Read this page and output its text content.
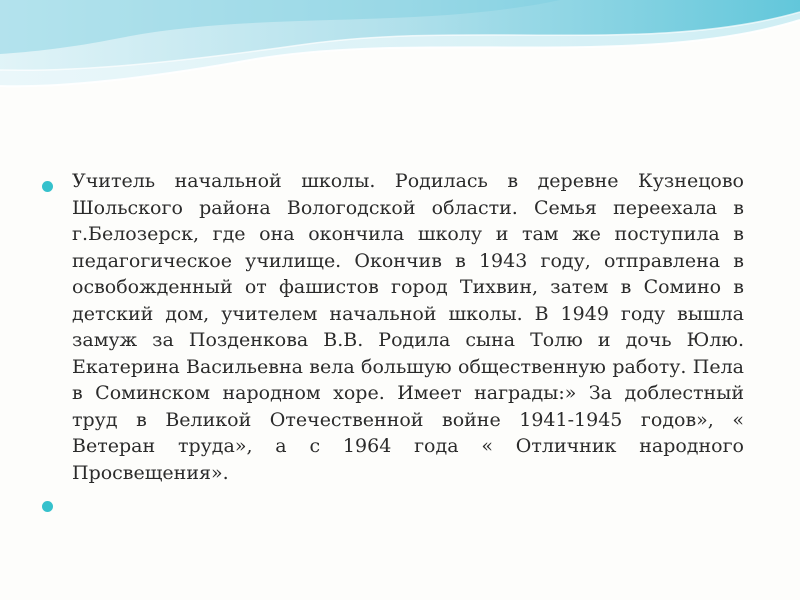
Учитель начальной школы. Родилась в деревне Кузнецово Шольского района Вологодской области. Семья переехала в г.Белозерск, где она окончила школу и там же поступила в педагогическое училище. Окончив в 1943 году, отправлена в освобожденный от фашистов город Тихвин, затем в Сомино в детский дом, учителем начальной школы. В 1949 году вышла замуж за Позденкова В.В. Родила сына Толю и дочь Юлю. Екатерина Васильевна вела большую общественную работу. Пела в Соминском народном хоре. Имеет награды:» За доблестный труд в Великой Отечественной войне 1941-1945 годов», « Ветеран труда», а с 1964 года « Отличник народного Просвещения».
